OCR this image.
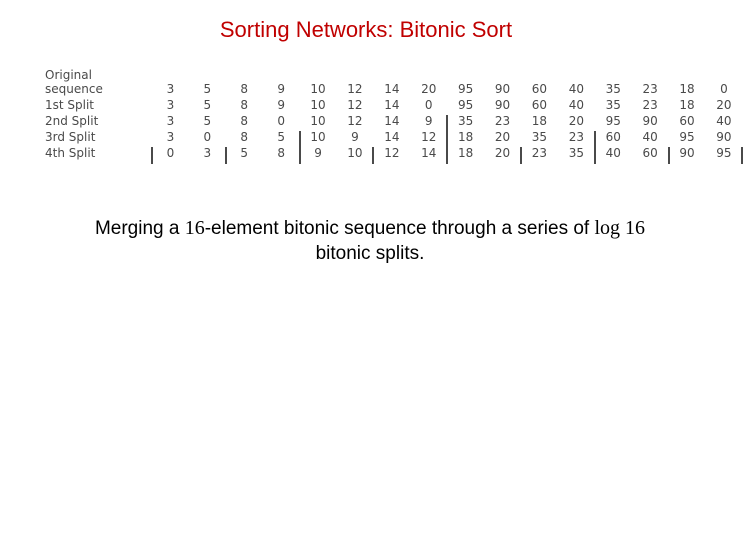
Sorting Networks: Bitonic Sort
Original
sequence	3	5	8	9	10	12	14	20	95	90	60	40	35	23	18	0
1st Split	3	5	8	9	10	12	14	0	95	90	60	40	35	23	18	20
2nd Split	3	5	8	0	10	12	14	9	35	23	18	20	95	90	60	40
3rd Split	3	0	8	5	10	9	14	12	18	20	35	23	60	40	95	90
4th Split	0	3	5	8	9	10	12	14	18	20	23	35	40	60	90	95
Merging a 16-element bitonic sequence through a series of log 16
bitonic splits.
